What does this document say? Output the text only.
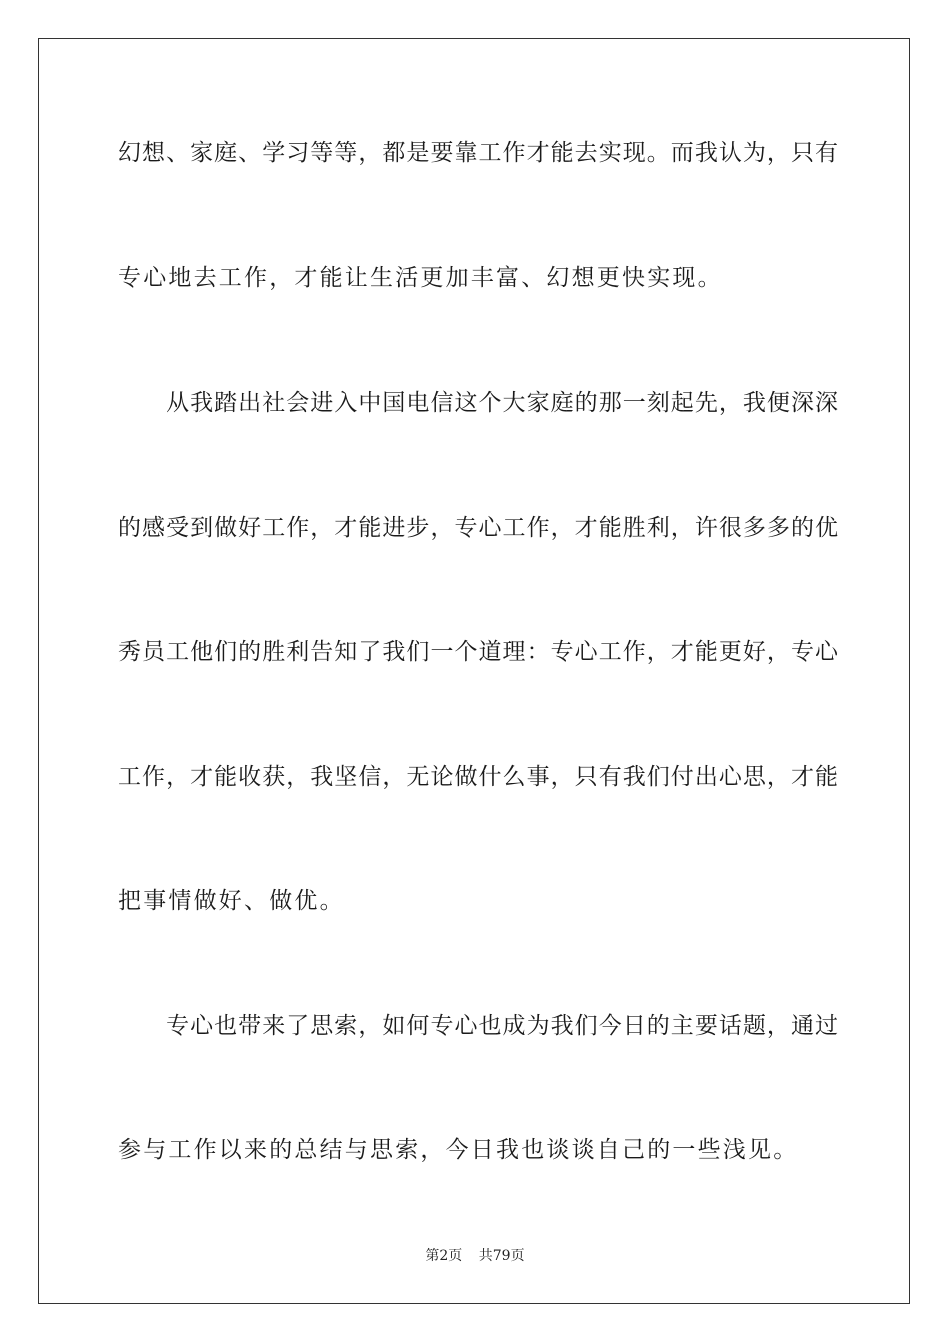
幻想、家庭、学习等等，都是要靠工作才能去实现。而我认为，只有
专心地去工作，才能让生活更加丰富、幻想更快实现。
　　从我踏出社会进入中国电信这个大家庭的那一刻起先，我便深深
的感受到做好工作，才能进步，专心工作，才能胜利，许很多多的优
秀员工他们的胜利告知了我们一个道理：专心工作，才能更好，专心
工作，才能收获，我坚信，无论做什么事，只有我们付出心思，才能
把事情做好、做优。
　　专心也带来了思索，如何专心也成为我们今日的主要话题，通过
参与工作以来的总结与思索，今日我也谈谈自己的一些浅见。
第2页 共79页
